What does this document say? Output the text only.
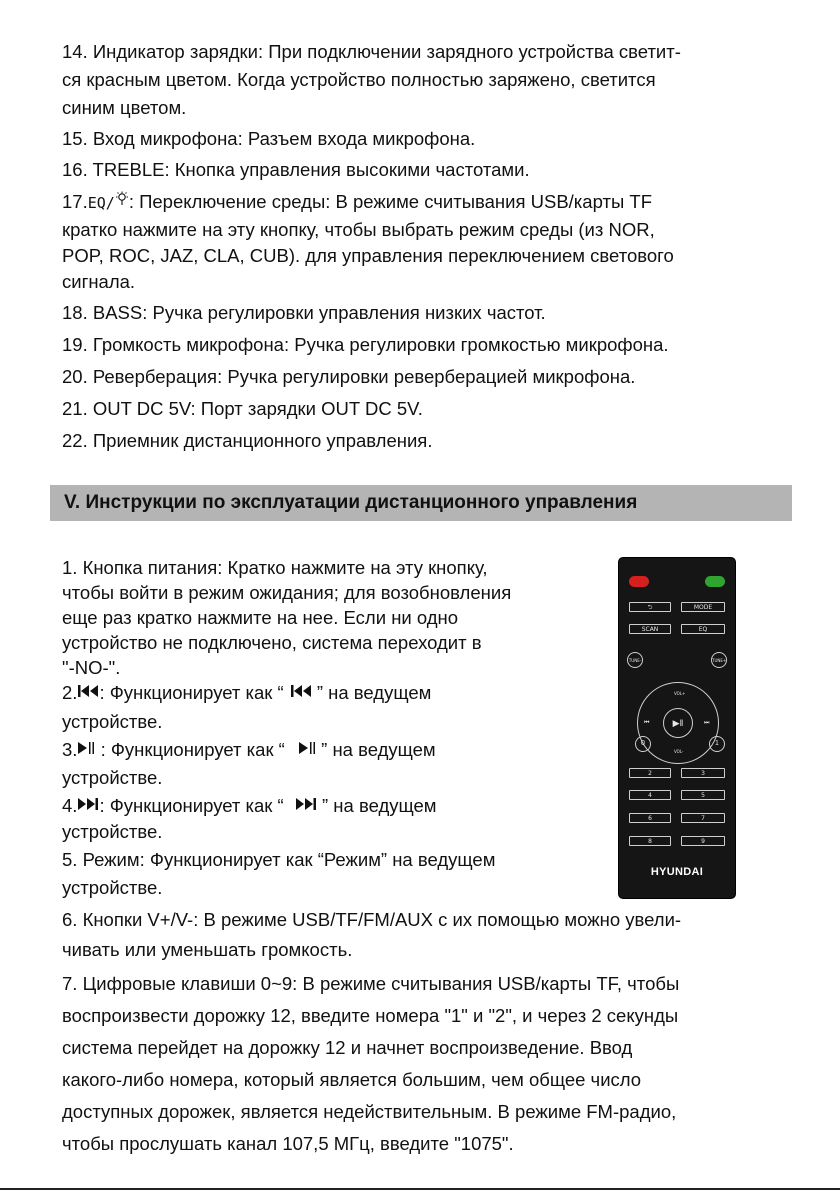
14. Индикатор зарядки: При подключении зарядного устройства светит-

ся красным цветом. Когда устройство полностью заряжено, светится

синим цветом.

15. Вход микрофона: Разъем входа микрофона.

16. TREBLE: Кнопка управления высокими частотами.

17.EQ/ : Переключение среды: В режиме считывания USB/карты TF

кратко нажмите на эту кнопку, чтобы выбрать режим среды (из NOR,

POP, ROC, JAZ, CLA, CUB). для управления переключением светового

сигнала.

18. BASS: Ручка регулировки управления низких частот.

19. Громкость микрофона: Ручка регулировки громкостью микрофона.

20. Реверберация: Ручка регулировки реверберацией микрофона.

21. OUT DC 5V: Порт зарядки OUT DC 5V.

22. Приемник дистанционного управления.

V. Инструкции по эксплуатации дистанционного управления

1. Кнопка питания: Кратко нажмите на эту кнопку,

чтобы войти в режим ожидания; для возобновления

еще раз кратко нажмите на нее. Если ни одно

устройство не подключено, система переходит в

"-NO-".

2. : Функционирует как “ ” на ведущем

устройстве.

3. : Функционирует как “  ” на ведущем

устройстве.

4. : Функционирует как “  ” на ведущем

устройстве.

5. Режим: Функционирует как “Режим” на ведущем

устройстве.

6. Кнопки V+/V-: В режиме USB/TF/FM/AUX с их помощью можно увели-

чивать или уменьшать громкость.

7. Цифровые клавиши 0~9: В режиме считывания USB/карты TF, чтобы

воспроизвести дорожку 12, введите номера "1" и "2", и через 2 секунды

система перейдет на дорожку 12 и начнет воспроизведение. Ввод

какого-либо номера, который является большим, чем общее число

доступных дорожек, является недействительным. В режиме FM-радио,

чтобы прослушать канал 107,5 МГц, введите "1075".

⮌	MODE
SCAN	EQ
TUNE-	TUNE+
VOL+
VOL-
⏮	⏭
▶‖
0	1
2	3
4	5
6	7
8	9
HYUNDAI
